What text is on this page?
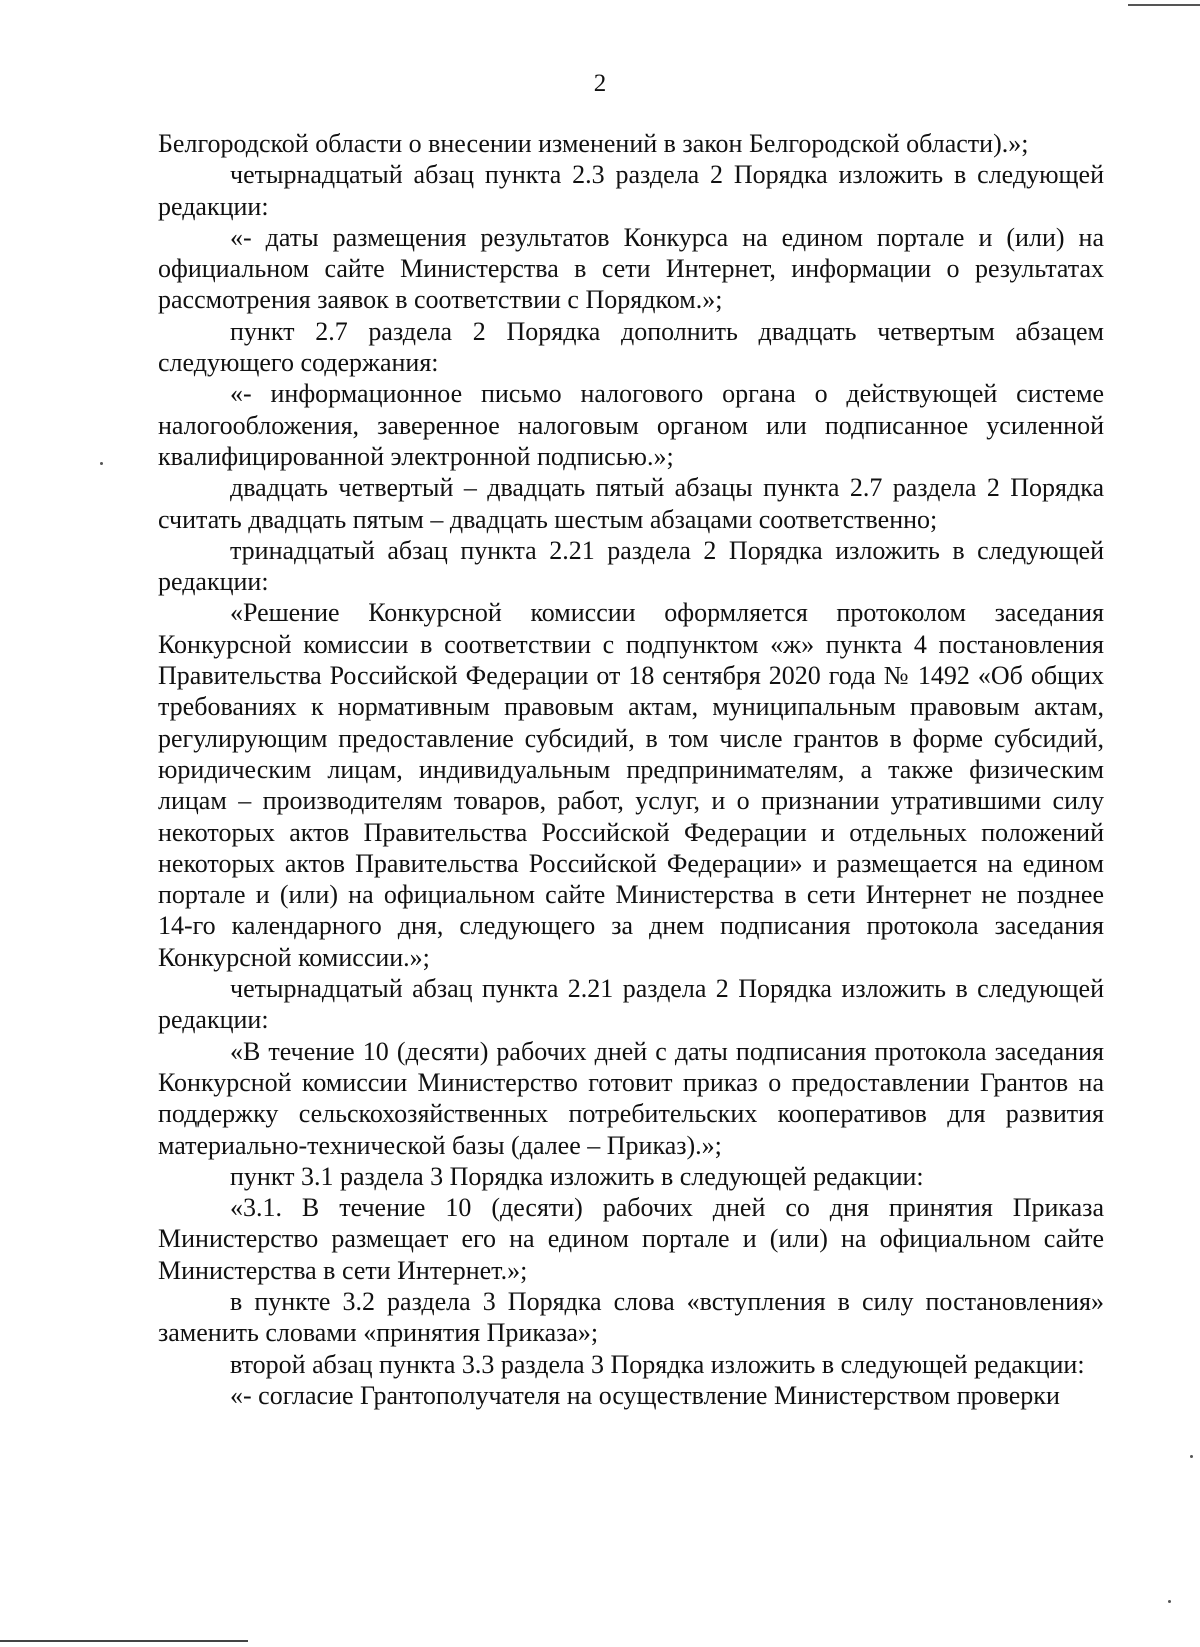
2

Белгородской области о внесении изменений в закон Белгородской области).»;

четырнадцатый абзац пункта 2.3 раздела 2 Порядка изложить в следующей редакции:

«- даты размещения результатов Конкурса на едином портале и (или) на официальном сайте Министерства в сети Интернет, информации о результатах рассмотрения заявок в соответствии с Порядком.»;

пункт 2.7 раздела 2 Порядка дополнить двадцать четвертым абзацем следующего содержания:

«- информационное письмо налогового органа о действующей системе налогообложения, заверенное налоговым органом или подписанное усиленной квалифицированной электронной подписью.»;

двадцать четвертый – двадцать пятый абзацы пункта 2.7 раздела 2 Порядка считать двадцать пятым – двадцать шестым абзацами соответственно;

тринадцатый абзац пункта 2.21 раздела 2 Порядка изложить в следующей редакции:

«Решение Конкурсной комиссии оформляется протоколом заседания Конкурсной комиссии в соответствии с подпунктом «ж» пункта 4 постановления Правительства Российской Федерации от 18 сентября 2020 года № 1492 «Об общих требованиях к нормативным правовым актам, муниципальным правовым актам, регулирующим предоставление субсидий, в том числе грантов в форме субсидий, юридическим лицам, индивидуальным предпринимателям, а также физическим лицам – производителям товаров, работ, услуг, и о признании утратившими силу некоторых актов Правительства Российской Федерации и отдельных положений некоторых актов Правительства Российской Федерации» и размещается на едином портале и (или) на официальном сайте Министерства в сети Интернет не позднее 14-го календарного дня, следующего за днем подписания протокола заседания Конкурсной комиссии.»;

четырнадцатый абзац пункта 2.21 раздела 2 Порядка изложить в следующей редакции:

«В течение 10 (десяти) рабочих дней с даты подписания протокола заседания Конкурсной комиссии Министерство готовит приказ о предоставлении Грантов на поддержку сельскохозяйственных потребительских кооперативов для развития материально-технической базы (далее – Приказ).»;

пункт 3.1 раздела 3 Порядка изложить в следующей редакции:

«3.1. В течение 10 (десяти) рабочих дней со дня принятия Приказа Министерство размещает его на едином портале и (или) на официальном сайте Министерства в сети Интернет.»;

в пункте 3.2 раздела 3 Порядка слова «вступления в силу постановления» заменить словами «принятия Приказа»;

второй абзац пункта 3.3 раздела 3 Порядка изложить в следующей редакции:

«- согласие Грантополучателя на осуществление Министерством проверки
